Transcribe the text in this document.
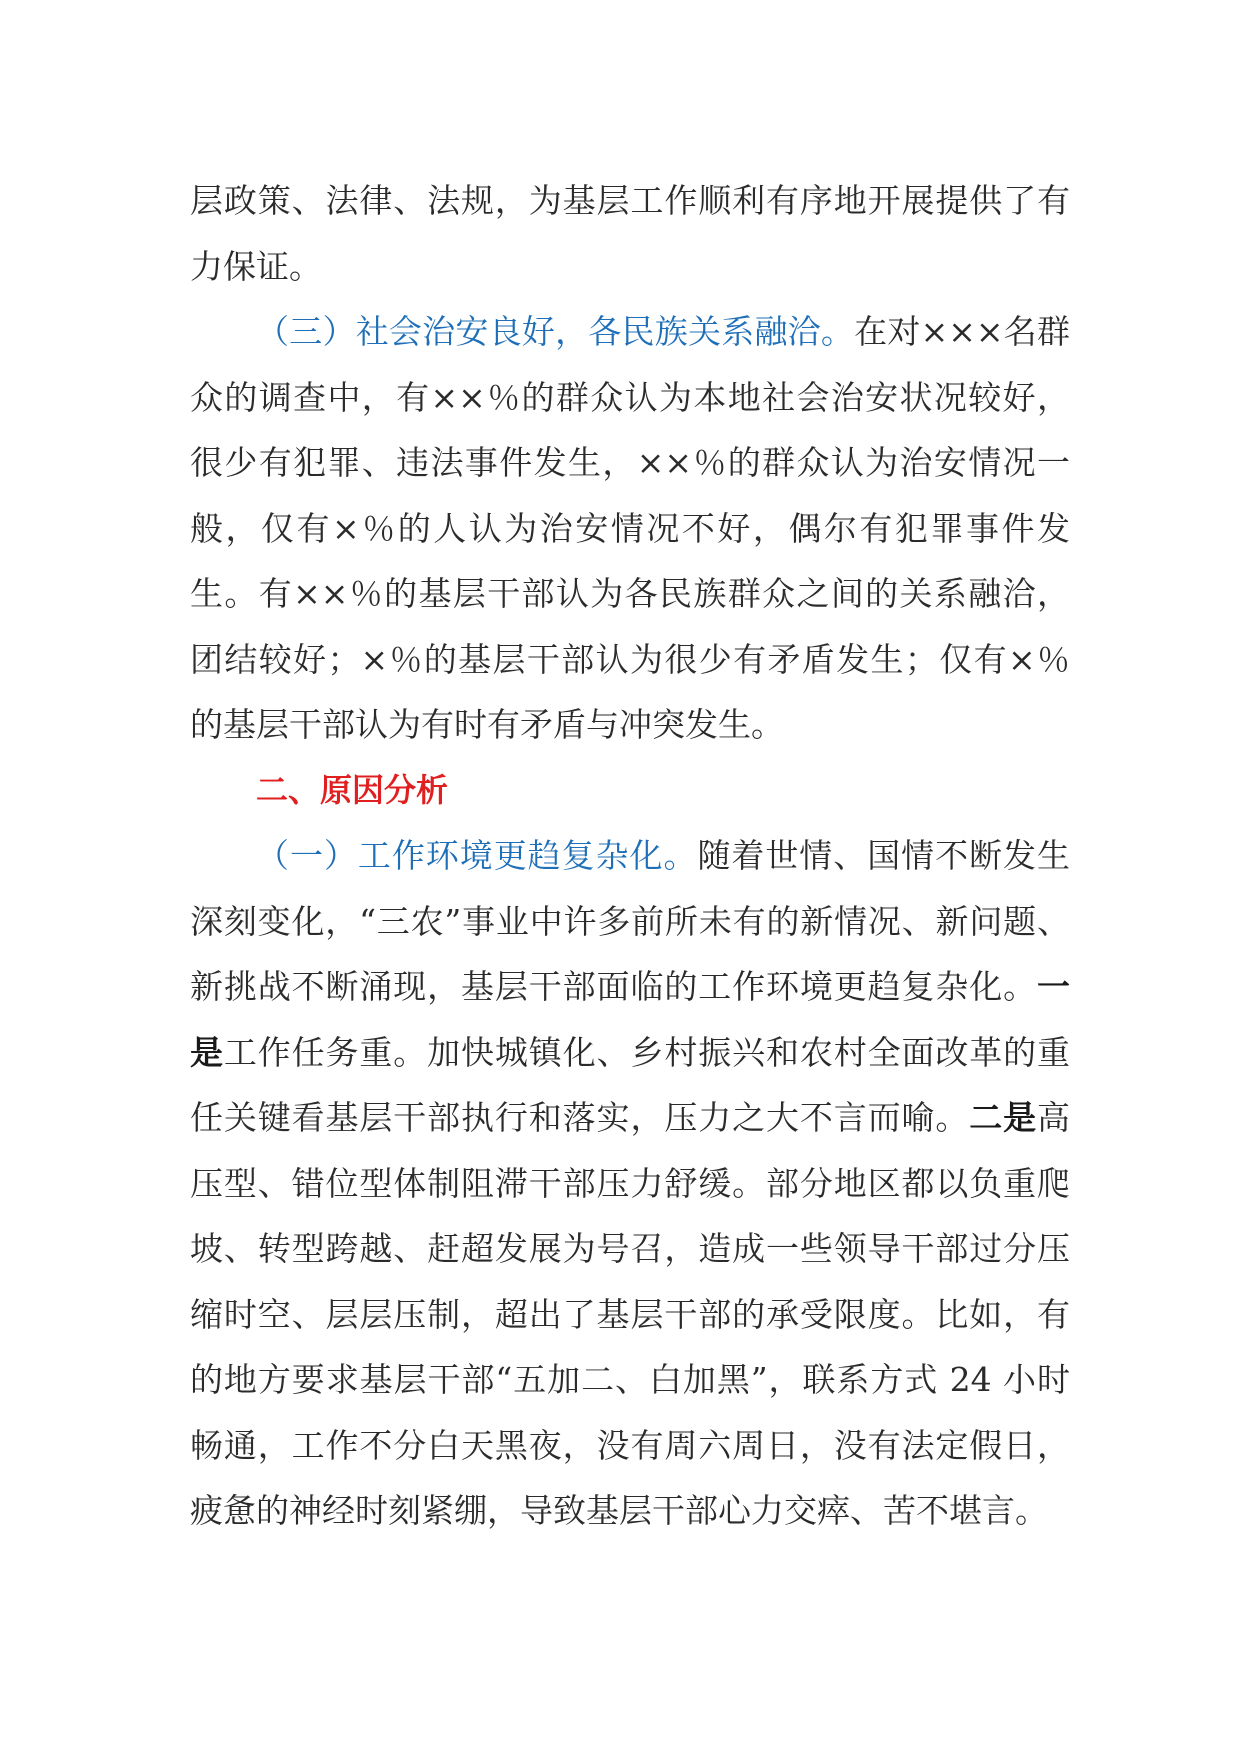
层政策、法律、法规，为基层工作顺利有序地开展提供了有力保证。

（三）社会治安良好，各民族关系融洽。在对×××名群众的调查中，有××％的群众认为本地社会治安状况较好，很少有犯罪、违法事件发生，××％的群众认为治安情况一般，仅有×％的人认为治安情况不好，偶尔有犯罪事件发生。有××％的基层干部认为各民族群众之间的关系融洽，团结较好；×％的基层干部认为很少有矛盾发生；仅有×％的基层干部认为有时有矛盾与冲突发生。

二、原因分析

（一）工作环境更趋复杂化。随着世情、国情不断发生深刻变化，“三农”事业中许多前所未有的新情况、新问题、新挑战不断涌现，基层干部面临的工作环境更趋复杂化。一是工作任务重。加快城镇化、乡村振兴和农村全面改革的重任关键看基层干部执行和落实，压力之大不言而喻。二是高压型、错位型体制阻滞干部压力舒缓。部分地区都以负重爬坡、转型跨越、赶超发展为号召，造成一些领导干部过分压缩时空、层层压制，超出了基层干部的承受限度。比如，有的地方要求基层干部“五加二、白加黑”，联系方式 24 小时畅通，工作不分白天黑夜，没有周六周日，没有法定假日，疲惫的神经时刻紧绷，导致基层干部心力交瘁、苦不堪言。
